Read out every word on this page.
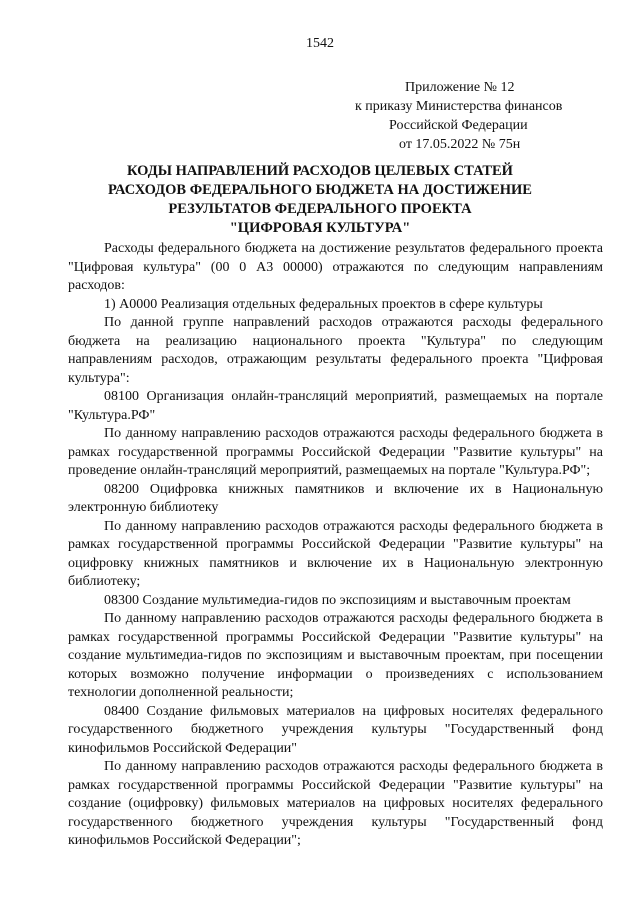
1542
Приложение № 12
к приказу Министерства финансов
Российской Федерации
от 17.05.2022 № 75н
КОДЫ НАПРАВЛЕНИЙ РАСХОДОВ ЦЕЛЕВЫХ СТАТЕЙ
РАСХОДОВ ФЕДЕРАЛЬНОГО БЮДЖЕТА НА ДОСТИЖЕНИЕ
РЕЗУЛЬТАТОВ ФЕДЕРАЛЬНОГО ПРОЕКТА
"ЦИФРОВАЯ КУЛЬТУРА"

Расходы федерального бюджета на достижение результатов федерального проекта "Цифровая культура" (00 0 А3 00000) отражаются по следующим направлениям расходов:

1) А0000 Реализация отдельных федеральных проектов в сфере культуры

По данной группе направлений расходов отражаются расходы федерального бюджета на реализацию национального проекта "Культура" по следующим направлениям расходов, отражающим результаты федерального проекта "Цифровая культура":

08100 Организация онлайн-трансляций мероприятий, размещаемых на портале "Культура.РФ"

По данному направлению расходов отражаются расходы федерального бюджета в рамках государственной программы Российской Федерации "Развитие культуры" на проведение онлайн-трансляций мероприятий, размещаемых на портале "Культура.РФ";

08200 Оцифровка книжных памятников и включение их в Национальную электронную библиотеку

По данному направлению расходов отражаются расходы федерального бюджета в рамках государственной программы Российской Федерации "Развитие культуры" на оцифровку книжных памятников и включение их в Национальную электронную библиотеку;

08300 Создание мультимедиа-гидов по экспозициям и выставочным проектам

По данному направлению расходов отражаются расходы федерального бюджета в рамках государственной программы Российской Федерации "Развитие культуры" на создание мультимедиа-гидов по экспозициям и выставочным проектам, при посещении которых возможно получение информации о произведениях с использованием технологии дополненной реальности;

08400 Создание фильмовых материалов на цифровых носителях федерального государственного бюджетного учреждения культуры "Государственный фонд кинофильмов Российской Федерации"

По данному направлению расходов отражаются расходы федерального бюджета в рамках государственной программы Российской Федерации "Развитие культуры" на создание (оцифровку) фильмовых материалов на цифровых носителях федерального государственного бюджетного учреждения культуры "Государственный фонд кинофильмов Российской Федерации";
